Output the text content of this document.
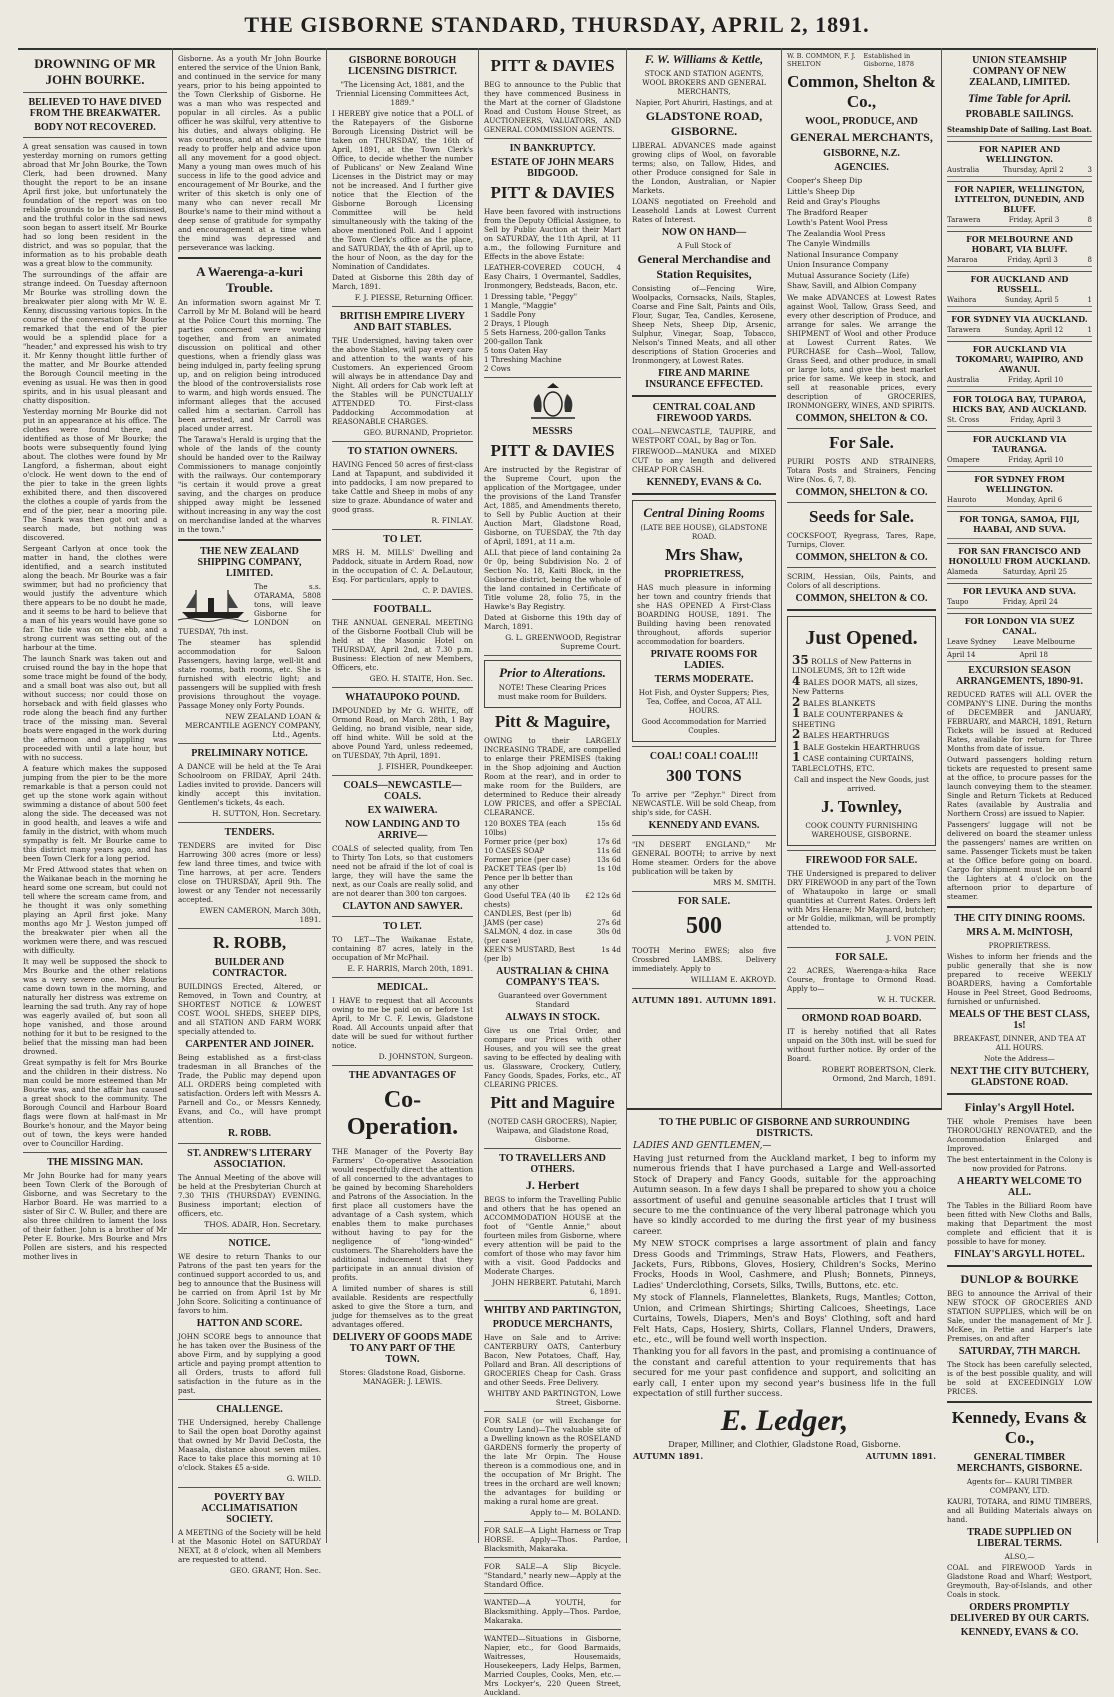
THE GISBORNE STANDARD, THURSDAY, APRIL 2, 1891.
DROWNING OF MR JOHN BOURKE.
BELIEVED TO HAVE DIVED FROM THE BREAKWATER.
BODY NOT RECOVERED.

A great sensation was caused in town yesterday morning on rumors getting abroad that Mr John Bourke, the Town Clerk, had been drowned. Many thought the report to be an insane April first joke, but unfortunately the foundation of the report was on too reliable grounds to be thus dismissed, and the truthful color in the sad news soon began to assert itself. Mr Bourke had so long been resident in the district, and was so popular, that the information as to his probable death was a great blow to the community.

The surroundings of the affair are strange indeed. On Tuesday afternoon Mr Bourke was strolling down the breakwater pier along with Mr W. E. Kenny, discussing various topics. In the course of the conversation Mr Bourke remarked that the end of the pier would be a splendid place for a "header," and expressed his wish to try it. Mr Kenny thought little further of the matter, and Mr Bourke attended the Borough Council meeting in the evening as usual. He was then in good spirits, and in his usual pleasant and chatty disposition.

Yesterday morning Mr Bourke did not put in an appearance at his office. The clothes were found there, and identified as those of Mr Bourke; the boots were subsequently found lying about. The clothes were found by Mr Langford, a fisherman, about eight o'clock. He went down to the end of the pier to take in the green lights exhibited there, and then discovered the clothes a couple of yards from the end of the pier, near a mooring pile. The Snark was then got out and a search made, but nothing was discovered.

Sergeant Carlyon at once took the matter in hand, the clothes were identified, and a search instituted along the beach. Mr Bourke was a fair swimmer, but had no proficiency that would justify the adventure which there appears to be no doubt he made, and it seems to be hard to believe that a man of his years would have gone so far. The tide was on the ebb, and a strong current was setting out of the harbour at the time.

The launch Snark was taken out and cruised round the bay in the hope that some trace might be found of the body, and a small boat was also out, but all without success; nor could those on horseback and with field glasses who rode along the beach find any further trace of the missing man. Several boats were engaged in the work during the afternoon and grappling was proceeded with until a late hour, but with no success.

A feature which makes the supposed jumping from the pier to be the more remarkable is that a person could not get up the stone work again without swimming a distance of about 500 feet along the side. The deceased was not in good health, and leaves a wife and family in the district, with whom much sympathy is felt. Mr Bourke came to this district many years ago, and has been Town Clerk for a long period.

Mr Fred Attwood states that when on the Waikanae beach in the morning he heard some one scream, but could not tell where the scream came from, and he thought it was only something playing an April first joke. Many months ago Mr J. Weston jumped off the breakwater pier when all the workmen were there, and was rescued with difficulty.

It may well be supposed the shock to Mrs Bourke and the other relations was a very severe one. Mrs Bourke came down town in the morning, and naturally her distress was extreme on learning the sad truth. Any ray of hope was eagerly availed of, but soon all hope vanished, and those around nothing for it but to be resigned to the belief that the missing man had been drowned.

Great sympathy is felt for Mrs Bourke and the children in their distress. No man could be more esteemed than Mr Bourke was, and the affair has caused a great shock to the community. The Borough Council and Harbour Board flags were flown at half-mast in Mr Bourke's honour, and the Mayor being out of town, the keys were handed over to Councillor Harding.

THE MISSING MAN.

Mr John Bourke had for many years been Town Clerk of the Borough of Gisborne, and was Secretary to the Harbor Board. He was married to a sister of Sir C. W. Buller, and there are also three children to lament the loss of their father. John is a brother of Mr Peter E. Bourke. Mrs Bourke and Mrs Pollen are sisters, and his respected mother lives in

Gisborne. As a youth Mr John Bourke entered the service of the Union Bank, and continued in the service for many years, prior to his being appointed to the Town Clerkship of Gisborne. He was a man who was respected and popular in all circles. As a public officer he was skilful, very attentive to his duties, and always obliging. He was courteous, and at the same time ready to proffer help and advice upon all any movement for a good object. Many a young man owes much of his success in life to the good advice and encouragement of Mr Bourke, and the writer of this sketch is only one of many who can never recall Mr Bourke's name to their mind without a deep sense of gratitude for sympathy and encouragement at a time when the mind was depressed and perseverance was lacking.

A Waerenga-a-kuri Trouble.

An information sworn against Mr T. Carroll by Mr M. Boland will be heard at the Police Court this morning. The parties concerned were working together, and from an animated discussion on political and other questions, when a friendly glass was being indulged in, party feeling sprung up, and on religion being introduced the blood of the controversialists rose to warm, and high words ensued. The informant alleges that the accused called him a sectarian. Carroll has been arrested, and Mr Carroll was placed under arrest.

The Tarawa's Herald is urging that the whole of the lands of the county should be handed over to the Railway Commissioners to manage conjointly with the railways. Our contemporary "is certain it would prove a great saving, and the charges on produce shipped away might be lessened without increasing in any way the cost on merchandise landed at the wharves in the town."

THE NEW ZEALAND SHIPPING COMPANY, LIMITED.

The s.s. OTARAMA, 5808 tons, will leave Gisborne for LONDON on TUESDAY, 7th inst.

The steamer has splendid accommodation for Saloon Passengers, having large, well-lit and state rooms, bath rooms, etc. She is furnished with electric light; and passengers will be supplied with fresh provisions throughout the voyage. Passage Money only Forty Pounds.

NEW ZEALAND LOAN & MERCANTILE AGENCY COMPANY, Ltd., Agents.
PRELIMINARY NOTICE.

A DANCE will be held at the Te Arai Schoolroom on FRIDAY, April 24th. Ladies invited to provide. Dancers will kindly accept this invitation. Gentlemen's tickets, 4s each.

H. SUTTON, Hon. Secretary.
TENDERS.

TENDERS are invited for Disc Harrowing 300 acres (more or less) few land three times, and twice with Tine harrows, at per acre. Tenders close on THURSDAY, April 9th. The lowest or any Tender not necessarily accepted.

EWEN CAMERON, March 30th, 1891.
R. ROBB,
BUILDER AND CONTRACTOR.

BUILDINGS Erected, Altered, or Removed, in Town and Country, at SHORTEST NOTICE & LOWEST COST. WOOL SHEDS, SHEEP DIPS, and all STATION AND FARM WORK specially attended to.

CARPENTER AND JOINER.

Being established as a first-class tradesman in all Branches of the Trade, the Public may depend upon ALL ORDERS being completed with satisfaction. Orders left with Messrs A. Parnell and Co., or Messrs Kennedy, Evans, and Co., will have prompt attention.

R. ROBB.
ST. ANDREW'S LITERARY ASSOCIATION.

The Annual Meeting of the above will be held at the Presbyterian Church at 7.30 THIS (THURSDAY) EVENING. Business important; election of officers, etc.

THOS. ADAIR, Hon. Secretary.
NOTICE.

WE desire to return Thanks to our Patrons of the past ten years for the continued support accorded to us, and beg to announce that the Business will be carried on from April 1st by Mr John Score. Soliciting a continuance of favors to him.

HATTON AND SCORE.

JOHN SCORE begs to announce that he has taken over the Business of the above Firm, and by supplying a good article and paying prompt attention to all Orders, trusts to afford full satisfaction in the future as in the past.

CHALLENGE.

THE Undersigned, hereby Challenge to Sail the open boat Dorothy against that owned by Mr David DeCosta, the Maasala, distance about seven miles. Race to take place this morning at 10 o'clock. Stakes £5 a-side.

G. WILD.
POVERTY BAY ACCLIMATISATION SOCIETY.

A MEETING of the Society will be held at the Masonic Hotel on SATURDAY NEXT, at 8 o'clock, when all Members are requested to attend.

GEO. GRANT, Hon. Sec.
GISBORNE BOROUGH LICENSING DISTRICT.

"The Licensing Act, 1881, and the Triennial Licensing Committees Act, 1889."

I HEREBY give notice that a POLL of the Ratepayers of the Gisborne Borough Licensing District will be taken on THURSDAY, the 16th of April, 1891, at the Town Clerk's Office, to decide whether the number of Publicans' or New Zealand Wine Licenses in the District may or may not be increased. And I further give notice that the Election of the Gisborne Borough Licensing Committee will be held simultaneously with the taking of the above mentioned Poll. And I appoint the Town Clerk's office as the place, and SATURDAY, the 4th of April, up to the hour of Noon, as the day for the Nomination of Candidates.

Dated at Gisborne this 28th day of March, 1891.

F. J. PIESSE, Returning Officer.
BRITISH EMPIRE LIVERY AND BAIT STABLES.

THE Undersigned, having taken over the above Stables, will pay every care and attention to the wants of his Customers. An experienced Groom will always be in attendance Day and Night. All orders for Cab work left at the Stables will be PUNCTUALLY ATTENDED TO. First-class Paddocking Accommodation at REASONABLE CHARGES.

GEO. BURNAND, Proprietor.
TO STATION OWNERS.

HAVING Fenced 50 acres of first-class Land at Tapapunt, and subdivided it into paddocks, I am now prepared to take Cattle and Sheep in mobs of any size to graze. Abundance of water and good grass.

R. FINLAY.
TO LET.

MRS H. M. MILLS' Dwelling and Paddock, situate in Ardern Road, now in the occupation of C. A. DeLautour, Esq. For particulars, apply to

C. P. DAVIES.
FOOTBALL.

THE ANNUAL GENERAL MEETING of the Gisborne Football Club will be held at the Masonic Hotel on THURSDAY, April 2nd, at 7.30 p.m. Business: Election of new Members, Officers, etc.

GEO. H. STAITE, Hon. Sec.
WHATAUPOKO POUND.

IMPOUNDED by Mr G. WHITE, off Ormond Road, on March 28th, 1 Bay Gelding, no brand visible, near side, off hind white. Will be sold at the above Pound Yard, unless redeemed, on TUESDAY, 7th April, 1891.

J. FISHER, Poundkeeper.
COALS—NEWCASTLE—COALS.
EX WAIWERA.
NOW LANDING AND TO ARRIVE—

COALS of selected quality, from Ten to Thirty Ton Lots, so that customers need not be afraid if the lot of coal is large, they will have the same the next, as our Coals are really solid, and are not dearer than 300 ton cargoes.

CLAYTON AND SAWYER.
TO LET.

TO LET—The Waikanae Estate, containing 87 acres, lately in the occupation of Mr McPhail.

E. F. HARRIS, March 20th, 1891.
MEDICAL.

I HAVE to request that all Accounts owing to me be paid on or before 1st April, to Mr C. F. Lewis, Gladstone Road. All Accounts unpaid after that date will be sued for without further notice.

D. JOHNSTON, Surgeon.
THE ADVANTAGES OF
Co-Operation.

THE Manager of the Poverty Bay Farmers' Co-operative Association would respectfully direct the attention of all concerned to the advantages to be gained by becoming Shareholders and Patrons of the Association. In the first place all customers have the advantage of a Cash system, which enables them to make purchases without having to pay for the negligence of "long-winded" customers. The Shareholders have the additional inducement that they participate in an annual division of profits.

A limited number of shares is still available. Residents are respectfully asked to give the Store a turn, and judge for themselves as to the great advantages offered.

DELIVERY OF GOODS MADE TO ANY PART OF THE TOWN.

Stores: Gladstone Road, Gisborne. MANAGER: J. LEWIS.

PITT & DAVIES

BEG to announce to the Public that they have commenced Business in the Mart at the corner of Gladstone Road and Custom House Street, as AUCTIONEERS, VALUATORS, AND GENERAL COMMISSION AGENTS.

IN BANKRUPTCY.
ESTATE OF JOHN MEARS BIDGOOD.
PITT & DAVIES

Have been favored with instructions from the Deputy Official Assignee, to Sell by Public Auction at their Mart on SATURDAY, the 11th April, at 11 a.m., the following Furniture and Effects in the above Estate:

LEATHER-COVERED COUCH, 4 Easy Chairs, 1 Overmantel, Saddles, Ironmongery, Bedsteads, Bacon, etc.

1 Dressing table, "Peggy"
1 Mangle, "Maggie"
1 Saddle Pony
2 Drays, 1 Plough
5 Sets Harness, 200-gallon Tanks
200-gallon Tank
5 tons Oaten Hay
1 Threshing Machine
2 Cows
MESSRS
PITT & DAVIES

Are instructed by the Registrar of the Supreme Court, upon the application of the Mortgagee, under the provisions of the Land Transfer Act, 1885, and Amendments thereto, to Sell by Public Auction at their Auction Mart, Gladstone Road, Gisborne, on TUESDAY, the 7th day of April, 1891, at 11 a.m.

ALL that piece of land containing 2a 0r 0p, being Subdivision No. 2 of Section No. 18, Kaiti Block, in the Gisborne district, being the whole of the land contained in Certificate of Title volume 28, folio 75, in the Hawke's Bay Registry.

Dated at Gisborne this 19th day of March, 1891.

G. L. GREENWOOD, Registrar Supreme Court.
Prior to Alterations.

NOTE! These Clearing Prices must make room for Builders.

Pitt & Maguire,

OWING to their LARGELY INCREASING TRADE, are compelled to enlarge their PREMISES (taking in the Shop adjoining and Auction Room at the rear), and in order to make room for the Builders, are determined to Reduce their already LOW PRICES, and offer a SPECIAL CLEARANCE.

120 BOXES TEA (each 10lbs)
15s 6d
Former price (per box)	17s 6d
10 CASES SOAP	11s 6d
Former price (per case)	13s 6d
PACKET TEAS (per lb)	1s 10d
Pence per lb better than any other
Good Useful TEA (40 lb chests)
£2 12s 6d
CANDLES, Best (per lb)	6d
JAMS (per case)	27s 6d
SALMON, 4 doz. in case (per case)
30s 0d
KEEN'S MUSTARD, Best (per lb)
1s 4d
AUSTRALIAN & CHINA COMPANY'S TEA'S.

Guaranteed over Government Standard

ALWAYS IN STOCK.

Give us one Trial Order, and compare our Prices with other Houses, and you will see the great saving to be effected by dealing with us. Glassware, Crockery, Cutlery, Fancy Goods, Spades, Forks, etc., AT CLEARING PRICES.

Pitt and Maguire

(NOTED CASH GROCERS), Napier, Waipawa, and Gladstone Road, Gisborne.

TO TRAVELLERS AND OTHERS.
J. Herbert

BEGS to inform the Travelling Public and others that he has opened an ACCOMMODATION HOUSE at the foot of "Gentle Annie," about fourteen miles from Gisborne, where every attention will be paid to the comfort of those who may favor him with a visit. Good Paddocks and Moderate Charges.

JOHN HERBERT. Patutahi, March 6, 1891.
WHITBY AND PARTINGTON,
PRODUCE MERCHANTS,

Have on Sale and to Arrive: CANTERBURY OATS, Canterbury Bacon, New Potatoes, Chaff, Hay, Pollard and Bran. All descriptions of GROCERIES Cheap for Cash. Grass and other Seeds. Free Delivery.

WHITBY AND PARTINGTON, Lowe Street, Gisborne.

FOR SALE (or will Exchange for Country Land)—The valuable site of a Dwelling known as the ROSELAND GARDENS formerly the property of the late Mr Orpin. The House thereon is a commodious one, and in the occupation of Mr Bright. The trees in the orchard are well known; the advantages for building or making a rural home are great.

Apply to— M. BOLAND.

FOR SALE—A Light Harness or Trap HORSE. Apply—Thos. Pardoe, Blacksmith, Makaraka.

FOR SALE—A Slip Bicycle. "Standard," nearly new—Apply at the Standard Office.

WANTED—A YOUTH, for Blacksmithing. Apply—Thos. Pardoe, Makaraka.

WANTED—Situations in Gisborne, Napier, etc., for Good Barmaids, Waitresses, Housemaids, Housekeepers, Lady Helps, Barmen, Married Couples, Cooks, Men, etc.—Mrs Lockyer's, 220 Queen Street, Auckland.

F. W. Williams & Kettle,

STOCK AND STATION AGENTS, WOOL BROKERS AND GENERAL MERCHANTS,

Napier, Port Ahuriri, Hastings, and at

GLADSTONE ROAD, GISBORNE.

LIBERAL ADVANCES made against growing clips of Wool, on favorable terms; also, on Tallow, Hides, and other Produce consigned for Sale in the London, Australian, or Napier Markets.

LOANS negotiated on Freehold and Leasehold Lands at Lowest Current Rates of Interest.

NOW ON HAND—

A Full Stock of

General Merchandise and Station Requisites,

Consisting of—Fencing Wire, Woolpacks, Cornsacks, Nails, Staples, Coarse and Fine Salt, Paints and Oils, Flour, Sugar, Tea, Candles, Kerosene, Sheep Nets, Sheep Dip, Arsenic, Sulphur, Vinegar, Soap, Tobacco, Nelson's Tinned Meats, and all other descriptions of Station Groceries and Ironmongery, at Lowest Rates.

FIRE AND MARINE INSURANCE EFFECTED.
CENTRAL COAL AND FIREWOOD YARDS.

COAL—NEWCASTLE, TAUPIRE, and WESTPORT COAL, by Bag or Ton.

FIREWOOD—MANUKA and MIXED CUT to any length and delivered CHEAP FOR CASH.

KENNEDY, EVANS & Co.
Central Dining Rooms

(LATE BEE HOUSE), GLADSTONE ROAD.

Mrs Shaw,
PROPRIETRESS,

HAS much pleasure in informing her town and country friends that she HAS OPENED A First-Class BOARDING HOUSE, 1891. The Building having been renovated throughout, affords superior accommodation for boarders.

PRIVATE ROOMS FOR LADIES.
TERMS MODERATE.

Hot Fish, and Oyster Suppers; Pies, Tea, Coffee, and Cocoa, AT ALL HOURS.

Good Accommodation for Married Couples.

COAL! COAL! COAL!!!
300 TONS

To arrive per "Zephyr." Direct from NEWCASTLE. Will be sold Cheap, from ship's side, for CASH.

KENNEDY AND EVANS.

"IN DESERT ENGLAND," Mr GENERAL BOOTH; to arrive by next Home steamer. Orders for the above publication will be taken by

MRS M. SMITH.
FOR SALE.
500

TOOTH Merino EWES; also five Crossbred LAMBS. Delivery immediately. Apply to

WILLIAM E. AKROYD.
AUTUMN 1891. AUTUMN 1891.
W. B. COMMON, F. J. SHELTON
Established in Gisborne, 1878
Common, Shelton & Co.,
WOOL, PRODUCE, AND
GENERAL MERCHANTS,
GISBORNE, N.Z.
AGENCIES.
Cooper's Sheep Dip
Little's Sheep Dip
Reid and Gray's Ploughs
The Bradford Reaper
Lowth's Patent Wool Press
The Zealandia Wool Press
The Canyle Windmills
National Insurance Company
Union Insurance Company
Mutual Assurance Society (Life)
Shaw, Savill, and Albion Company

We make ADVANCES at Lowest Rates against Wool, Tallow, Grass Seed, and every other description of Produce, and arrange for sales. We arrange the SHIPMENT of Wool and other Produce at Lowest Current Rates. We PURCHASE for Cash—Wool, Tallow, Grass Seed, and other produce, in small or large lots, and give the best market price for same. We keep in stock, and sell at reasonable prices, every description of GROCERIES, IRONMONGERY, WINES, AND SPIRITS.

COMMON, SHELTON & CO.
For Sale.

PURIRI POSTS AND STRAINERS, Totara Posts and Strainers, Fencing Wire (Nos. 6, 7, 8).

COMMON, SHELTON & CO.
Seeds for Sale.

COCKSFOOT, Ryegrass, Tares, Rape, Turnips, Clover.

COMMON, SHELTON & CO.

SCRIM, Hessian, Oils, Paints, and Colors of all descriptions.

COMMON, SHELTON & CO.
Just Opened.
35 ROLLS of New Patterns in LINOLEUMS, 3ft to 12ft wide
4 BALES DOOR MATS, all sizes, New Patterns
2 BALES BLANKETS
1 BALE COUNTERPANES & SHEETING
2 BALES HEARTHRUGS
1 BALE Gostekin HEARTHRUGS
1 CASE containing CURTAINS, TABLECLOTHS, ETC.

Call and inspect the New Goods, just arrived.

J. Townley,

COOK COUNTY FURNISHING WAREHOUSE, GISBORNE.

FIREWOOD FOR SALE.

THE Undersigned is prepared to deliver DRY FIREWOOD in any part of the Town of Whataupoko in large or small quantities at Current Rates. Orders left with Mrs Henare; Mr Maynard, butcher; or Mr Goldie, milkman, will be promptly attended to.

J. VON PEIN.
FOR SALE.

22 ACRES, Waerenga-a-hika Race Course, frontage to Ormond Road. Apply to—

W. H. TUCKER.
ORMOND ROAD BOARD.

IT is hereby notified that all Rates unpaid on the 30th inst. will be sued for without further notice. By order of the Board.

ROBERT ROBERTSON, Clerk. Ormond, 2nd March, 1891.
UNION STEAMSHIP COMPANY OF NEW ZEALAND, LIMITED.
Time Table for April.
PROBABLE SAILINGS.
Steamship Date of Sailing. Last Boat.
FOR NAPIER AND WELLINGTON.
Australia	Thursday, April 2	3
FOR NAPIER, WELLINGTON, LYTTELTON, DUNEDIN, AND BLUFF.
Tarawera	Friday, April 3	8
FOR MELBOURNE AND HOBART, VIA BLUFF.
Mararoa	Friday, April 3	8
FOR AUCKLAND AND RUSSELL.
Waihora	Sunday, April 5	1
FOR SYDNEY VIA AUCKLAND.
Tarawera	Sunday, April 12	1
FOR AUCKLAND VIA TOKOMARU, WAIPIRO, AND AWANUI.
Australia	Friday, April 10
FOR TOLOGA BAY, TUPAROA, HICKS BAY, AND AUCKLAND.
St. Cross	Friday, April 3
FOR AUCKLAND VIA TAURANGA.
Omapere	Friday, April 10
FOR SYDNEY FROM WELLINGTON.
Hauroto	Monday, April 6
FOR TONGA, SAMOA, FIJI, HAABAI, AND SUVA.
FOR SAN FRANCISCO AND HONOLULU FROM AUCKLAND.
Alameda	Saturday, April 25
FOR LEVUKA AND SUVA.
Taupo	Friday, April 24
FOR LONDON VIA SUEZ CANAL.
Leave Sydney Leave Melbourne
April 14	April 18
EXCURSION SEASON ARRANGEMENTS, 1890-91.

REDUCED RATES will ALL OVER the COMPANY'S LINE. During the months of DECEMBER and JANUARY, FEBRUARY, and MARCH, 1891, Return Tickets will be issued at Reduced Rates, available for return for Three Months from date of issue.

Outward passengers holding return tickets are requested to present same at the office, to procure passes for the launch conveying them to the steamer. Single and Return Tickets at Reduced Rates (available by Australia and Northern Cross) are issued to Napier.

Passengers' luggage will not be delivered on board the steamer unless the passengers' names are written on same. Passenger Tickets must be taken at the Office before going on board. Cargo for shipment must be on board the Lighters at 4 o'clock on the afternoon prior to departure of steamer.

THE CITY DINING ROOMS.
MRS A. M. McINTOSH,

PROPRIETRESS.

Wishes to inform her friends and the public generally that she is now prepared to receive WEEKLY BOARDERS, having a Comfortable House in Peel Street, Good Bedrooms, furnished or unfurnished.

MEALS OF THE BEST CLASS, 1s!

BREAKFAST, DINNER, AND TEA AT ALL HOURS.

Note the Address—

NEXT THE CITY BUTCHERY, GLADSTONE ROAD.
Finlay's Argyll Hotel.

THE whole Premises have been THOROUGHLY RENOVATED, and the Accommodation Enlarged and Improved.

The best entertainment in the Colony is now provided for Patrons.

A HEARTY WELCOME TO ALL.

The Tables in the Billiard Room have been fitted with New Cloths and Balls, making that Department the most complete and efficient that it is possible to have for money.

FINLAY'S ARGYLL HOTEL.
DUNLOP & BOURKE

BEG to announce the Arrival of their NEW STOCK OF GROCERIES AND STATION SUPPLIES, which will be on Sale, under the management of Mr J. McKee, in Pettie and Harper's late Premises, on and after

SATURDAY, 7TH MARCH.

The Stock has been carefully selected, is of the best possible quality, and will be sold at EXCEEDINGLY LOW PRICES.

Kennedy, Evans & Co.,
GENERAL TIMBER MERCHANTS, GISBORNE.

Agents for— KAURI TIMBER COMPANY, LTD.

KAURI, TOTARA, and RIMU TIMBERS, and all Building Materials always on hand.

TRADE SUPPLIED ON LIBERAL TERMS.

ALSO,—

COAL and FIREWOOD Yards in Gladstone Road and Wharf; Westport, Greymouth, Bay-of-Islands, and other Coals in stock.

ORDERS PROMPTLY DELIVERED BY OUR CARTS.
KENNEDY, EVANS & CO.
TO THE PUBLIC OF GISBORNE AND SURROUNDING DISTRICTS.

LADIES AND GENTLEMEN,—

Having just returned from the Auckland market, I beg to inform my numerous friends that I have purchased a Large and Well-assorted Stock of Drapery and Fancy Goods, suitable for the approaching Autumn season. In a few days I shall be prepared to show you a choice assortment of useful and genuine seasonable articles that I trust will secure to me the continuance of the very liberal patronage which you have so kindly accorded to me during the first year of my business career.

My NEW STOCK comprises a large assortment of plain and fancy Dress Goods and Trimmings, Straw Hats, Flowers, and Feathers, Jackets, Furs, Ribbons, Gloves, Hosiery, Children's Socks, Merino Frocks, Hoods in Wool, Cashmere, and Plush; Bonnets, Pinneys, Ladies' Underclothing, Corsets, Silks, Twills, Buttons, etc. etc.

My stock of Flannels, Flannelettes, Blankets, Rugs, Mantles; Cotton, Union, and Crimean Shirtings; Shirting Calicoes, Sheetings, Lace Curtains, Towels, Diapers, Men's and Boys' Clothing, soft and hard Felt Hats, Caps, Hosiery, Shirts, Collars, Flannel Unders, Drawers, etc., etc., will be found well worth inspection.

Thanking you for all favors in the past, and promising a continuance of the constant and careful attention to your requirements that has secured for me your past confidence and support, and soliciting an early call, I enter upon my second year's business life in the full expectation of still further success.

E. Ledger,

Draper, Milliner, and Clothier, Gladstone Road, Gisborne.

AUTUMN 1891.	AUTUMN 1891.
